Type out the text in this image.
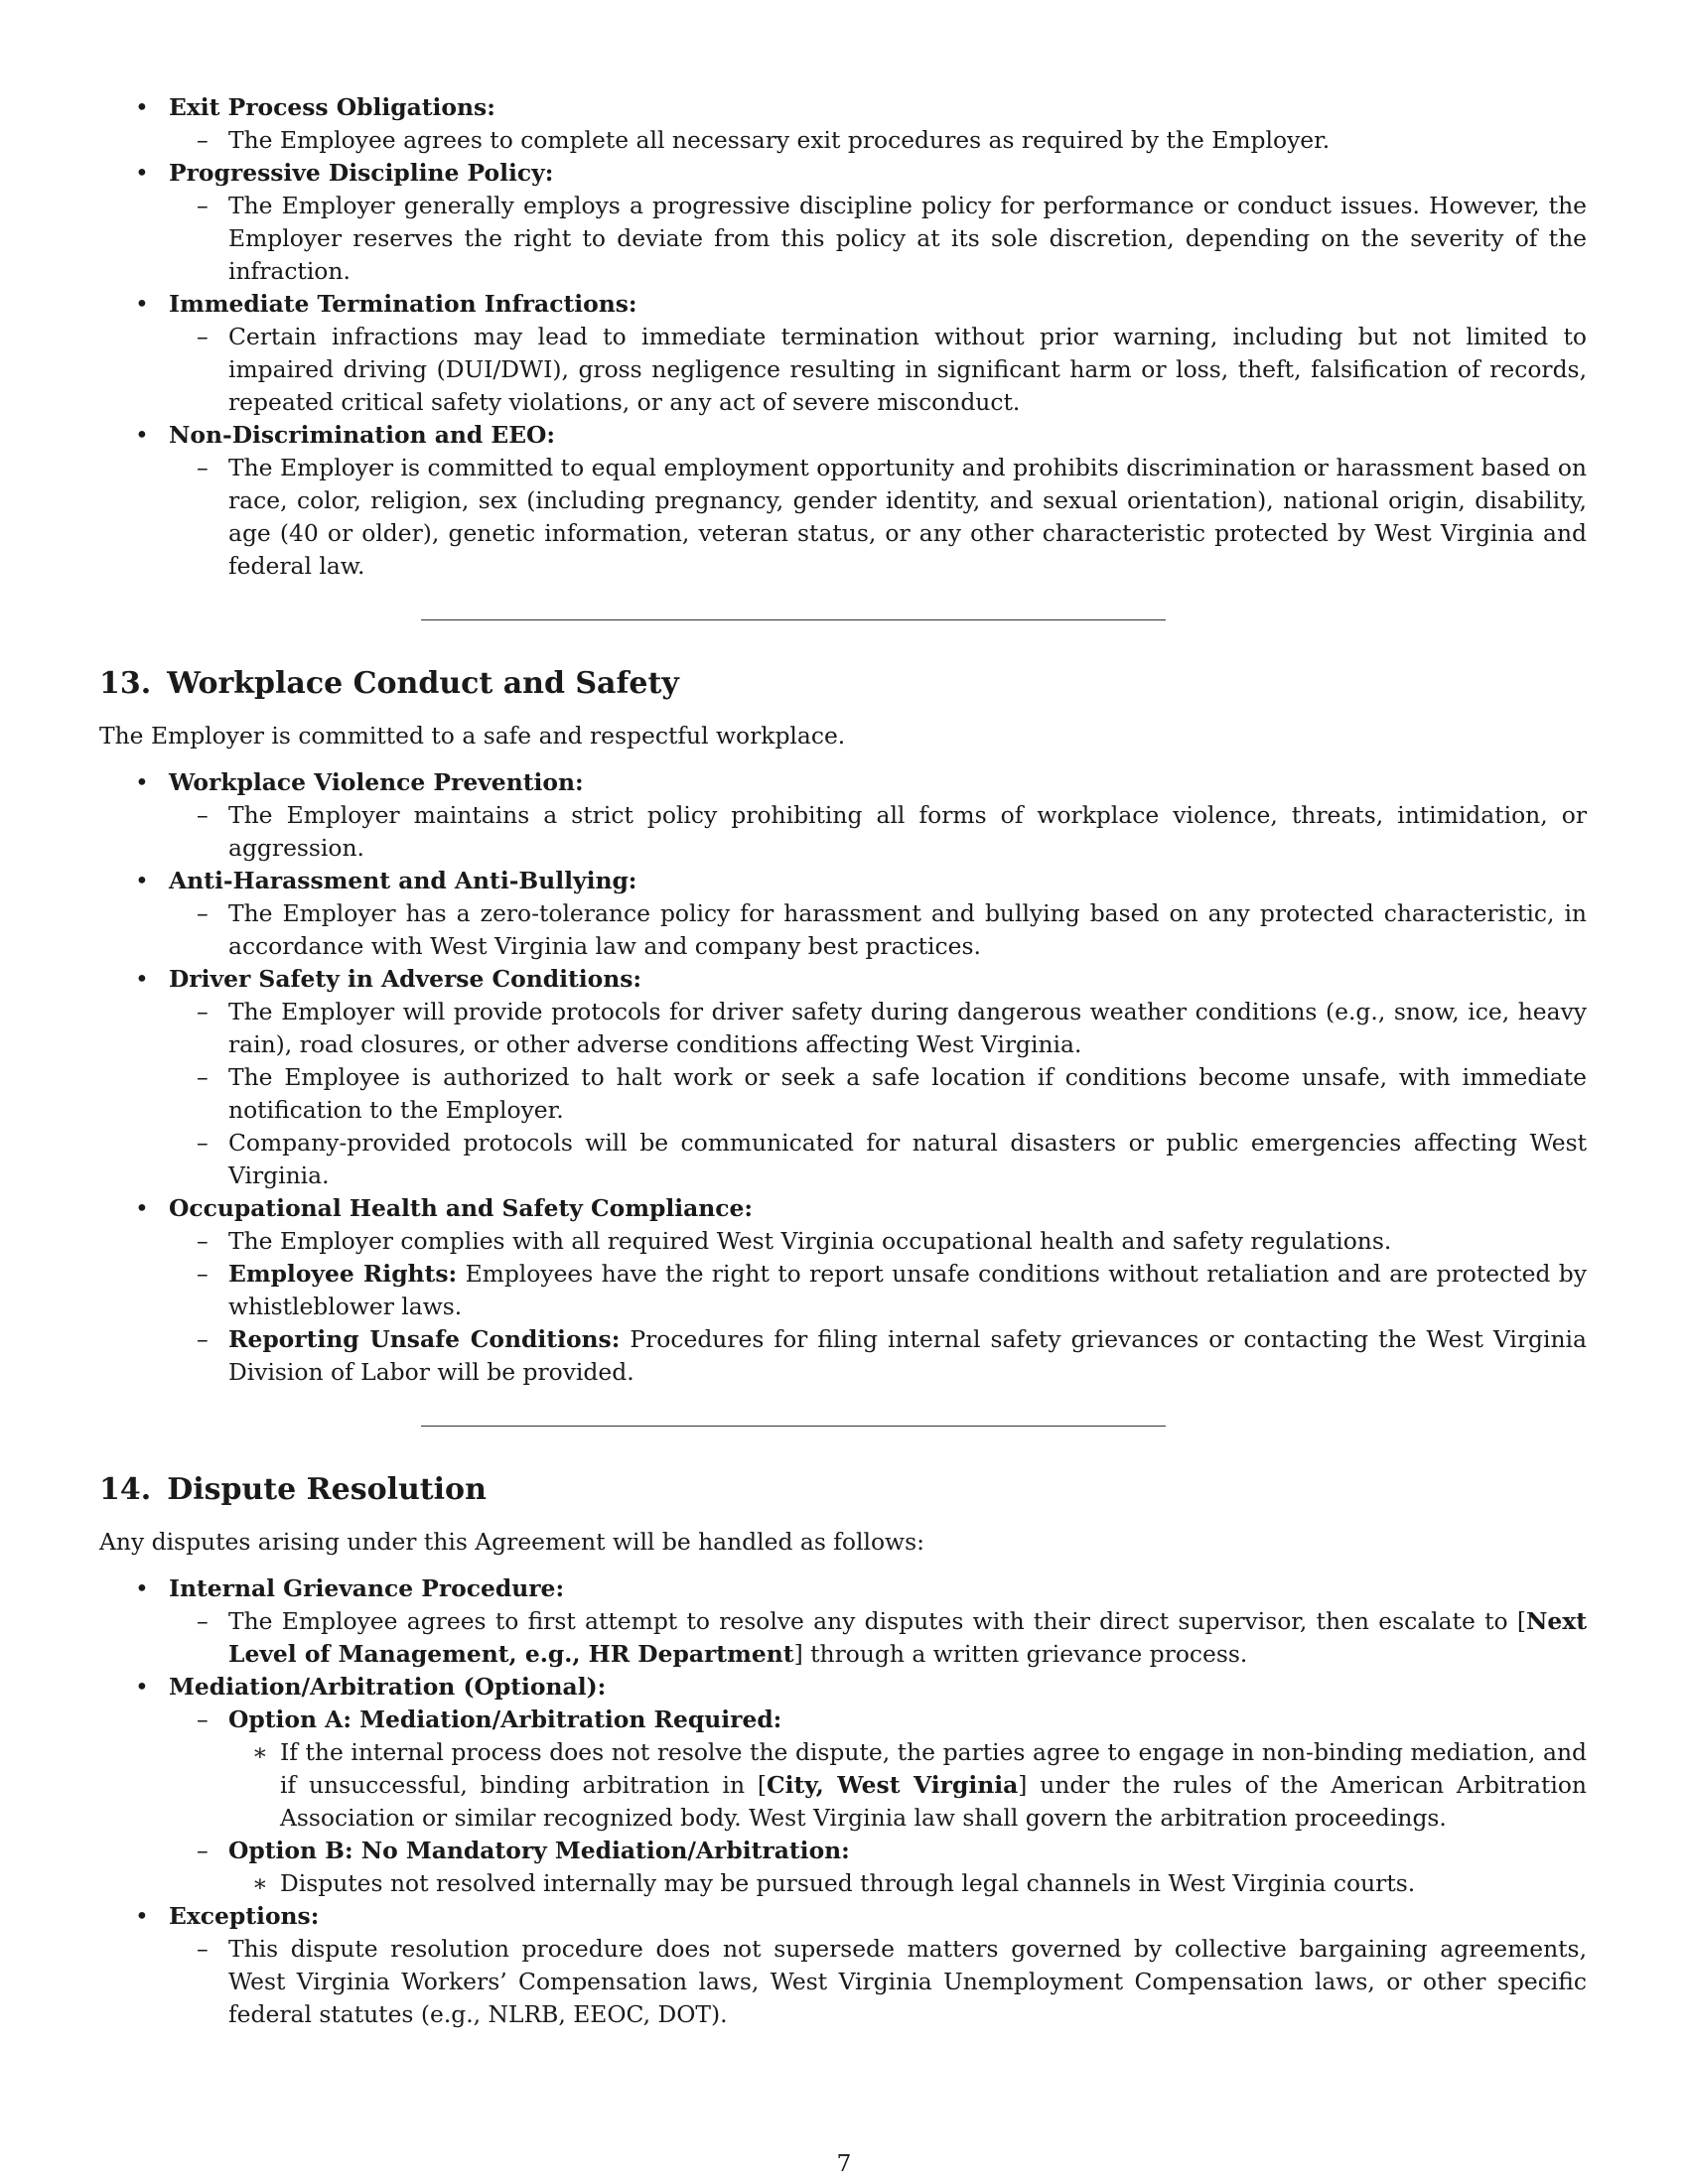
• Exit Process Obligations:
– The Employee agrees to complete all necessary exit procedures as required by the Employer.
• Progressive Discipline Policy:
– The Employer generally employs a progressive discipline policy for performance or conduct issues. However, the Employer reserves the right to deviate from this policy at its sole discretion, depending on the severity of the infraction.
• Immediate Termination Infractions:
– Certain infractions may lead to immediate termination without prior warning, including but not limited to impaired driving (DUI/DWI), gross negligence resulting in significant harm or loss, theft, falsification of records, repeated critical safety violations, or any act of severe misconduct.
• Non-Discrimination and EEO:
– The Employer is committed to equal employment opportunity and prohibits discrimination or harassment based on race, color, religion, sex (including pregnancy, gender identity, and sexual orientation), national origin, disability, age (40 or older), genetic information, veteran status, or any other characteristic protected by West Virginia and federal law.
13. Workplace Conduct and Safety

The Employer is committed to a safe and respectful workplace.

• Workplace Violence Prevention:
– The Employer maintains a strict policy prohibiting all forms of workplace violence, threats, intimidation, or aggression.
• Anti-Harassment and Anti-Bullying:
– The Employer has a zero-tolerance policy for harassment and bullying based on any protected characteristic, in accordance with West Virginia law and company best practices.
• Driver Safety in Adverse Conditions:
– The Employer will provide protocols for driver safety during dangerous weather conditions (e.g., snow, ice, heavy rain), road closures, or other adverse conditions affecting West Virginia.
– The Employee is authorized to halt work or seek a safe location if conditions become unsafe, with immediate notification to the Employer.
– Company-provided protocols will be communicated for natural disasters or public emergencies affecting West Virginia.
• Occupational Health and Safety Compliance:
– The Employer complies with all required West Virginia occupational health and safety regulations.
– Employee Rights: Employees have the right to report unsafe conditions without retaliation and are protected by whistleblower laws.
– Reporting Unsafe Conditions: Procedures for filing internal safety grievances or contacting the West Virginia Division of Labor will be provided.
14. Dispute Resolution

Any disputes arising under this Agreement will be handled as follows:

• Internal Grievance Procedure:
– The Employee agrees to first attempt to resolve any disputes with their direct supervisor, then escalate to [Next Level of Management, e.g., HR Department] through a written grievance process.
• Mediation/Arbitration (Optional):
– Option A: Mediation/Arbitration Required:
∗ If the internal process does not resolve the dispute, the parties agree to engage in non-binding mediation, and if unsuccessful, binding arbitration in [City, West Virginia] under the rules of the American Arbitration Association or similar recognized body. West Virginia law shall govern the arbitration proceedings.
– Option B: No Mandatory Mediation/Arbitration:
∗ Disputes not resolved internally may be pursued through legal channels in West Virginia courts.
• Exceptions:
– This dispute resolution procedure does not supersede matters governed by collective bargaining agreements, West Virginia Workers’ Compensation laws, West Virginia Unemployment Compensation laws, or other specific federal statutes (e.g., NLRB, EEOC, DOT).
7
